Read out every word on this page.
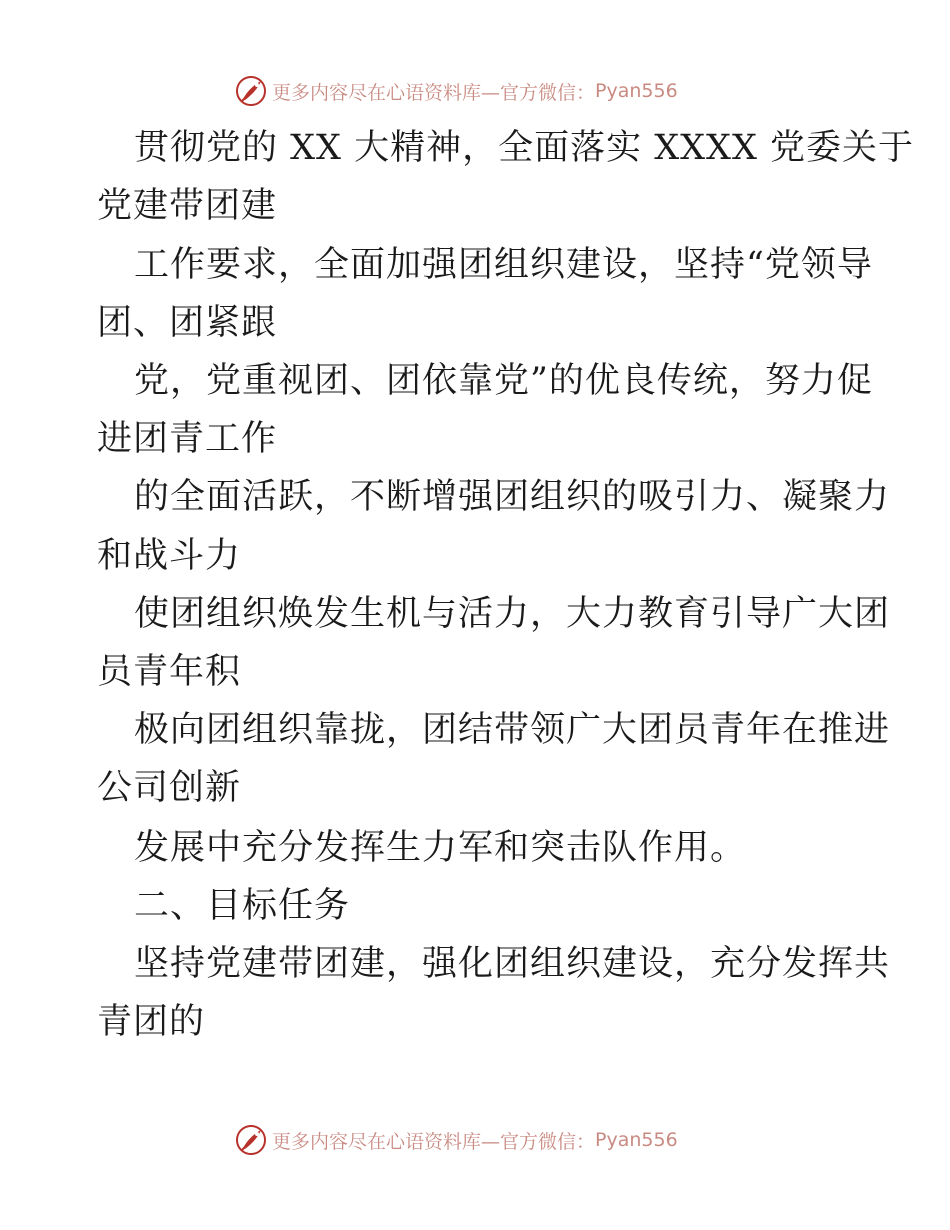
更多内容尽在心语资料库—官方微信： Pyan556
贯彻党的 XX 大精神，全面落实 XXXX 党委关于
党建带团建
工作要求，全面加强团组织建设，坚持“党领导
团、团紧跟
党，党重视团、团依靠党”的优良传统，努力促
进团青工作
的全面活跃，不断增强团组织的吸引力、凝聚力
和战斗力
使团组织焕发生机与活力，大力教育引导广大团
员青年积
极向团组织靠拢，团结带领广大团员青年在推进
公司创新
发展中充分发挥生力军和突击队作用。
二、目标任务
坚持党建带团建，强化团组织建设，充分发挥共
青团的
更多内容尽在心语资料库—官方微信： Pyan556
